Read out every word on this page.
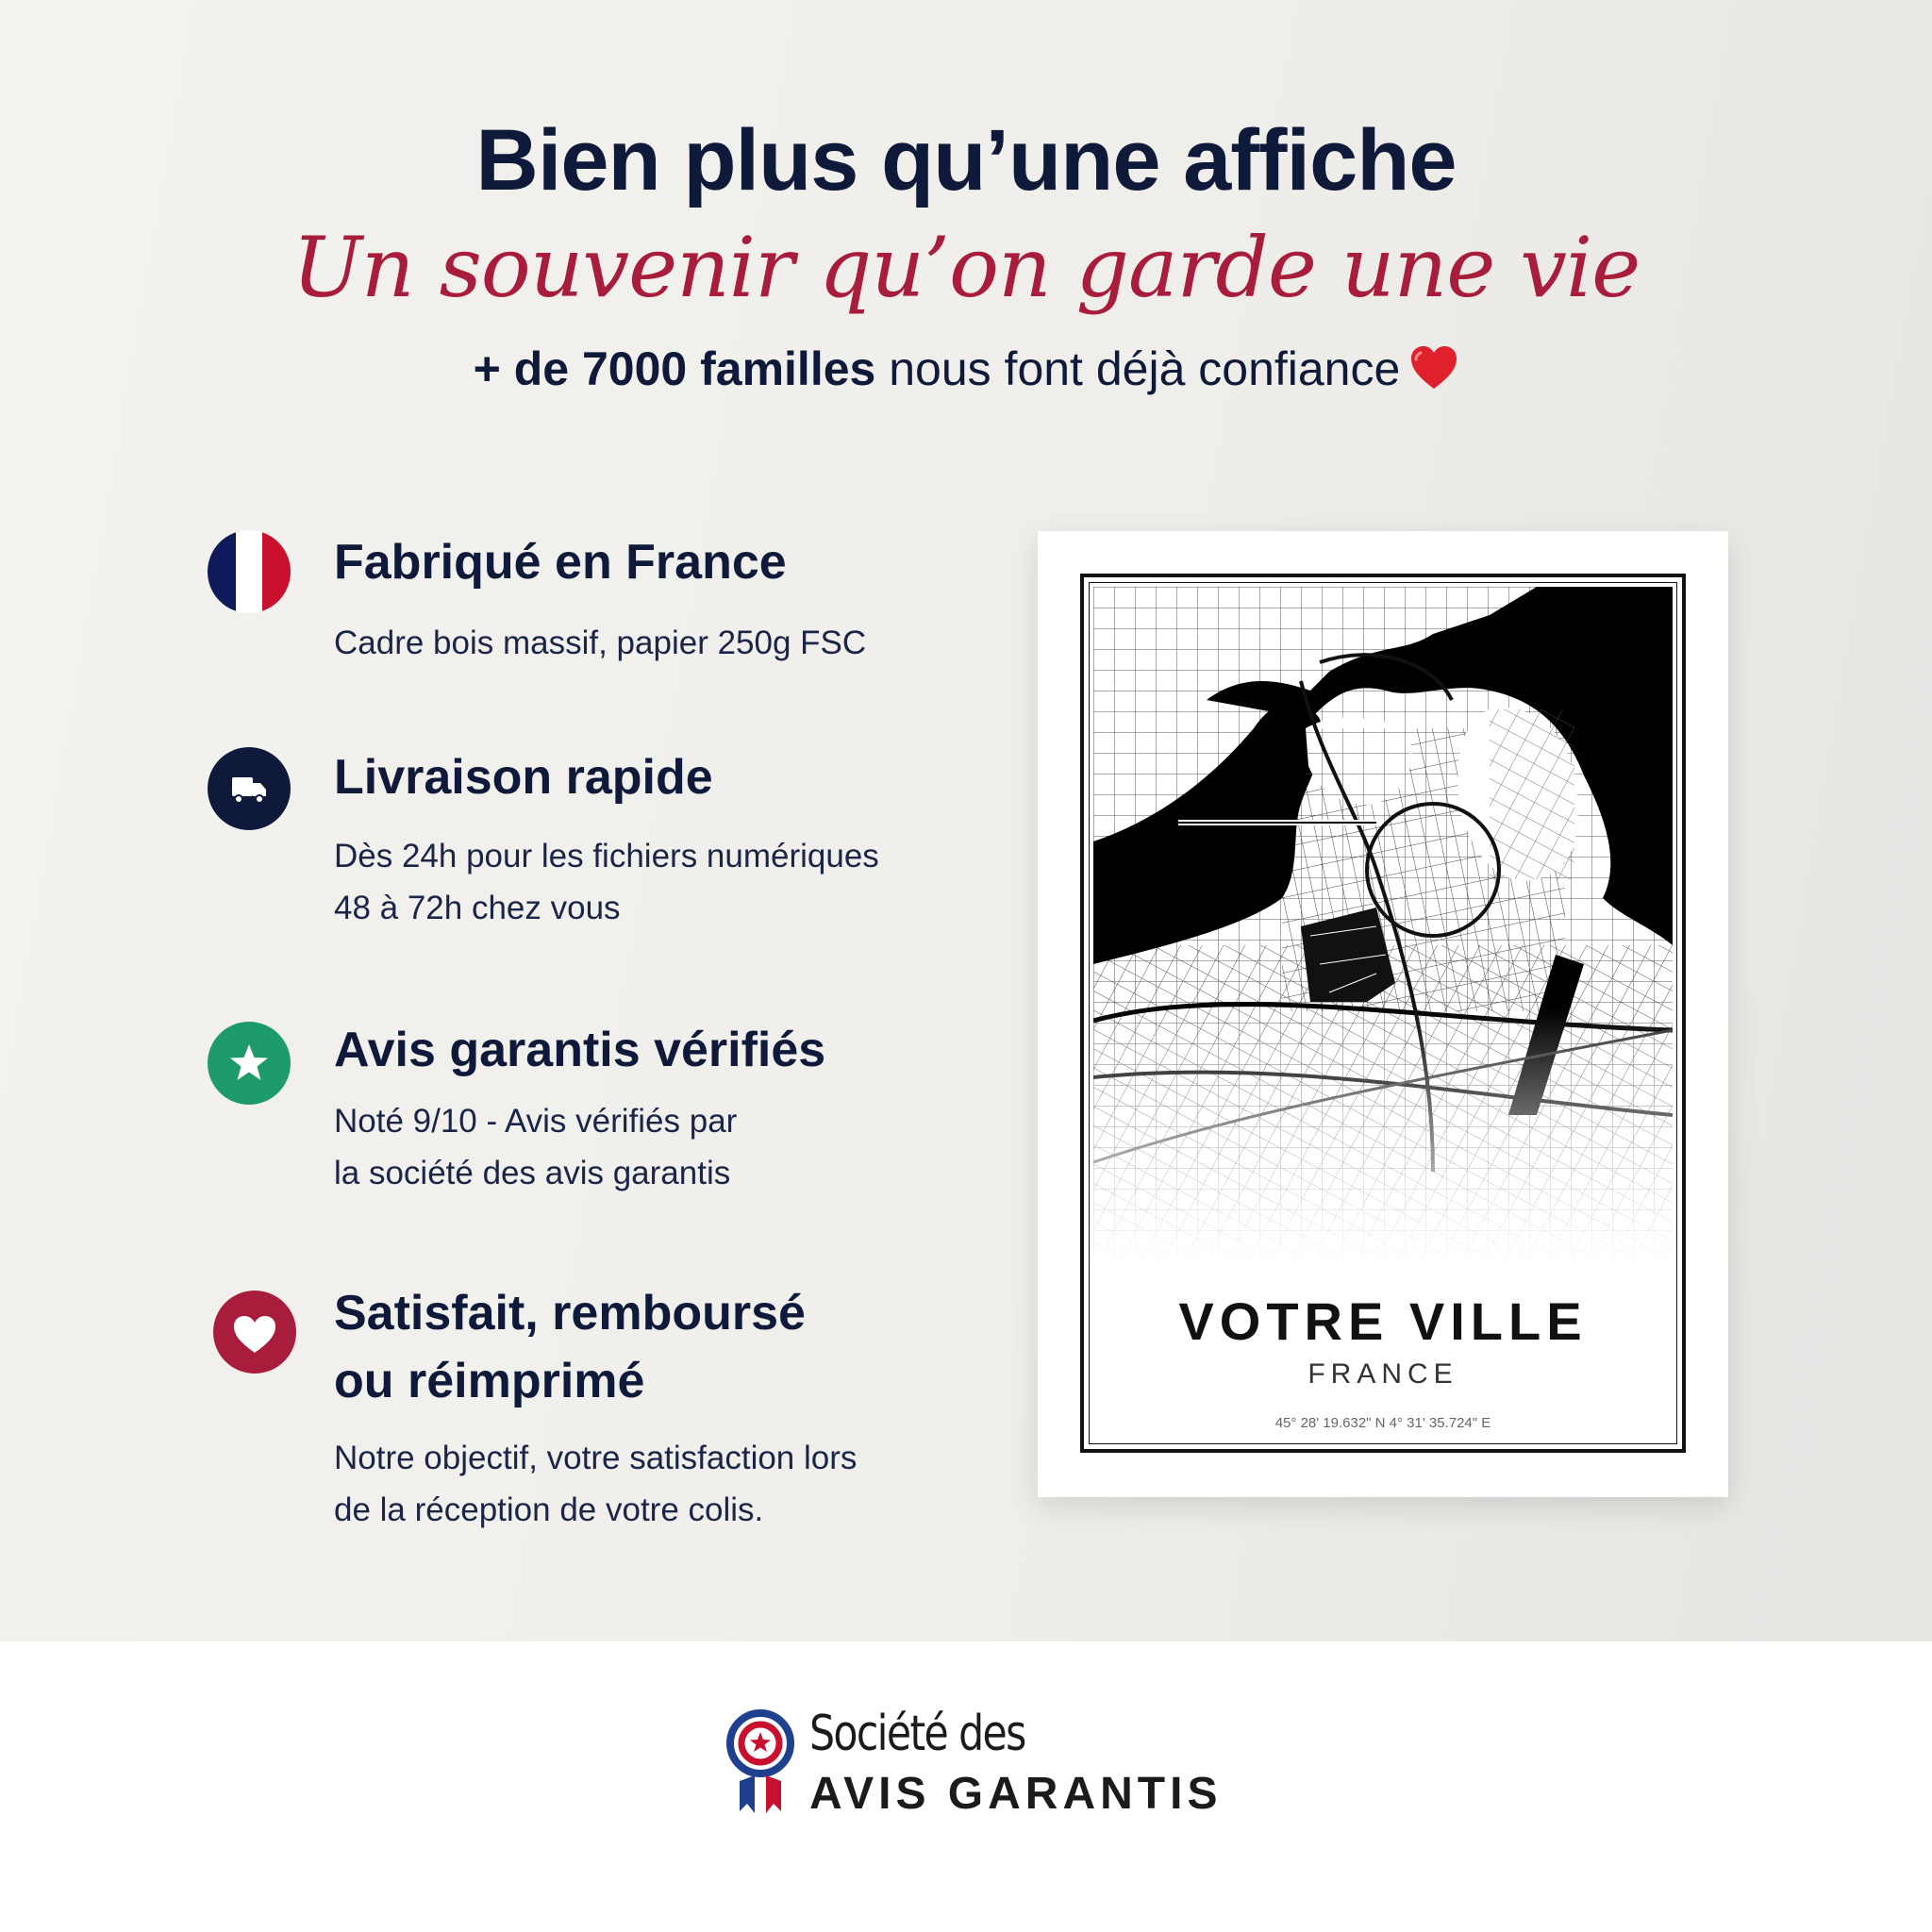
Bien plus qu’une affiche
Un souvenir qu’on garde une vie
+ de 7000 familles nous font déjà confiance
Fabriqué en France
Cadre bois massif, papier 250g FSC
Livraison rapide
Dès 24h pour les fichiers numériques
48 à 72h chez vous
Avis garantis vérifiés
Noté 9/10 - Avis vérifiés par
la société des avis garantis
Satisfait, remboursé
ou réimprimé
Notre objectif, votre satisfaction lors
de la réception de votre colis.
VOTRE VILLE
FRANCE
45° 28' 19.632" N 4° 31' 35.724" E
Société des
AVIS GARANTIS
